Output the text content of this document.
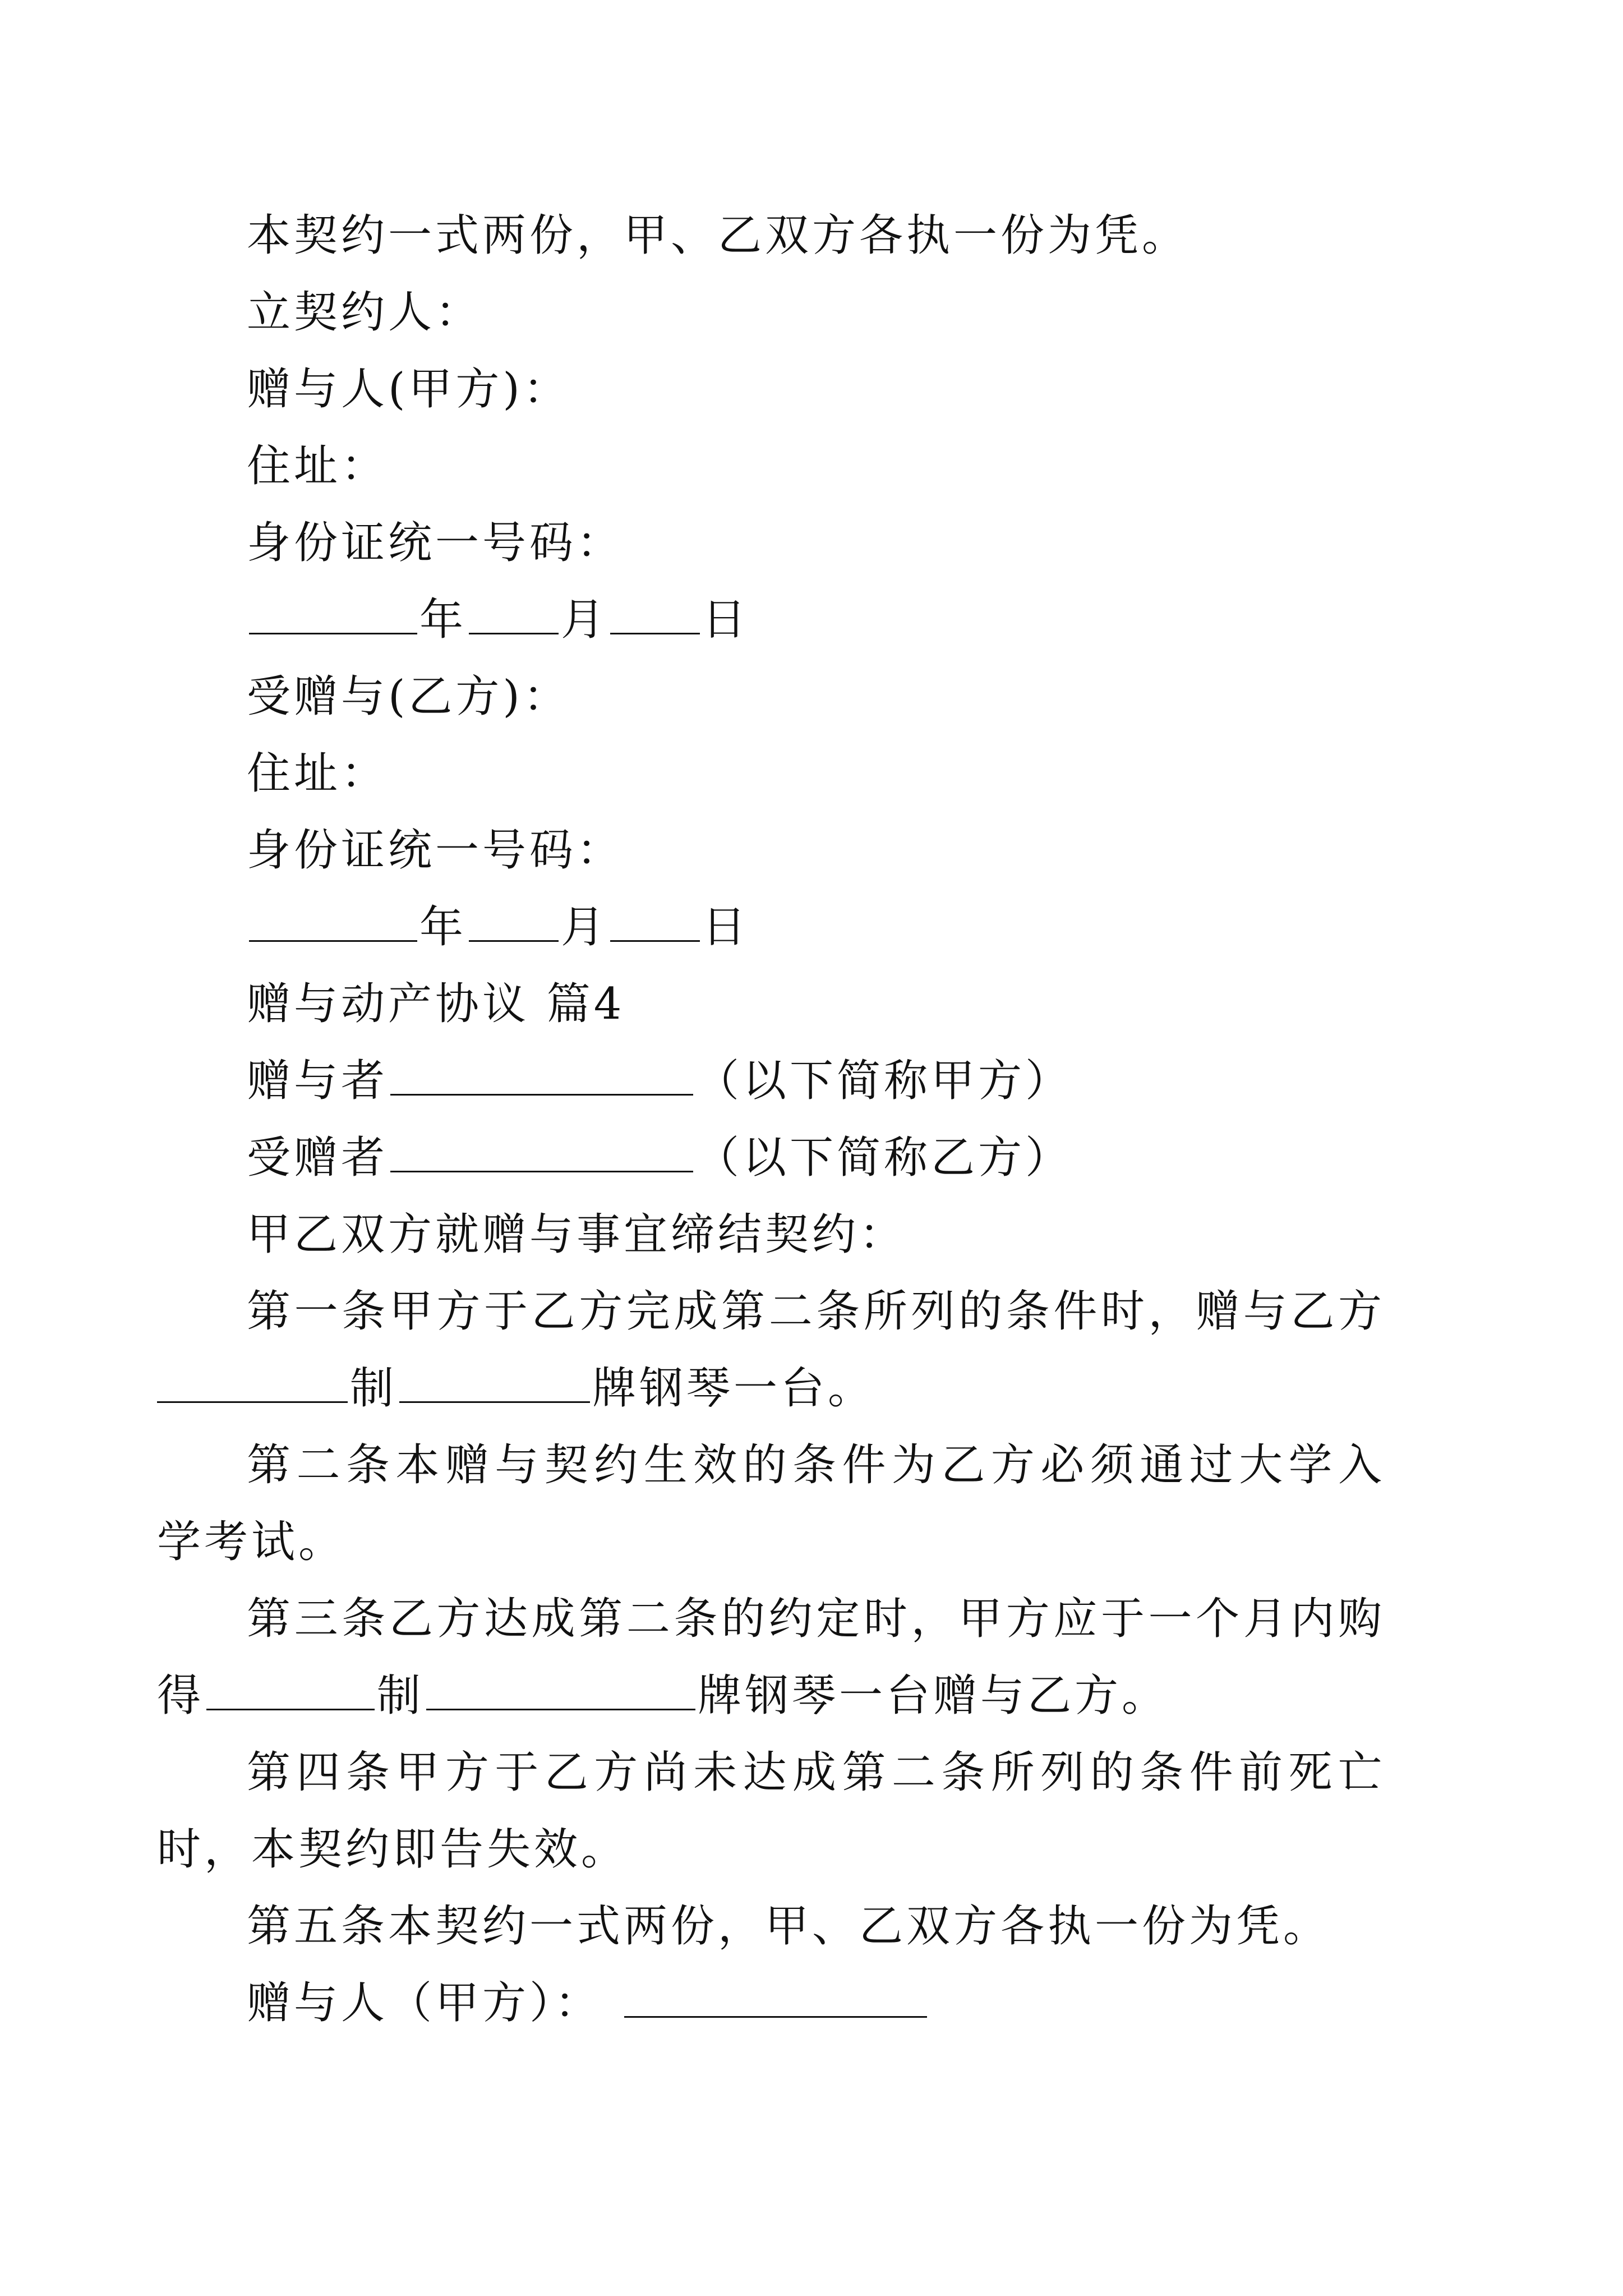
本契约一式两份，甲、乙双方各执一份为凭。
立契约人：
赠与人(甲方)：
住址：
身份证统一号码：
年 月 日
受赠与(乙方)：
住址：
身份证统一号码：
年 月 日
赠与动产协议 篇4
赠与者	（以下简称甲方）
受赠者	（以下简称乙方）
甲乙双方就赠与事宜缔结契约：
第一条甲方于乙方完成第二条所列的条件时，赠与乙方
制	牌钢琴一台。
第二条本赠与契约生效的条件为乙方必须通过大学入
学考试。
第三条乙方达成第二条的约定时，甲方应于一个月内购
得	制	牌钢琴一台赠与乙方。
第四条甲方于乙方尚未达成第二条所列的条件前死亡
时，本契约即告失效。
第五条本契约一式两份，甲、乙双方各执一份为凭。
赠与人（甲方）：
